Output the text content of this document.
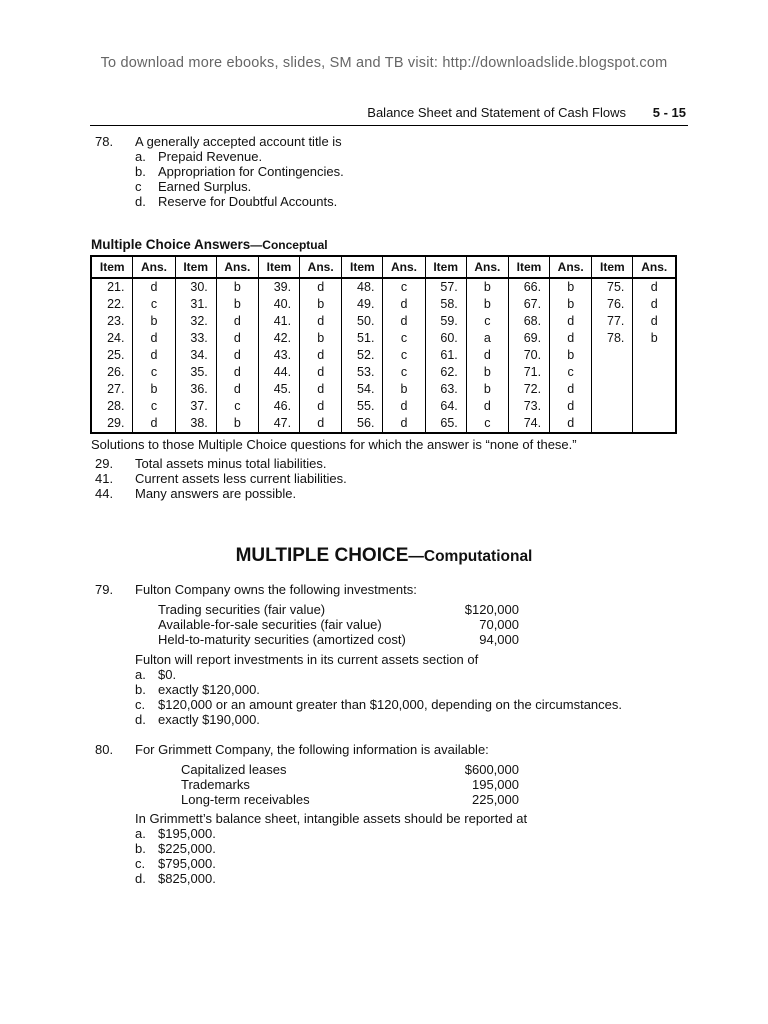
To download more ebooks, slides, SM and TB visit: http://downloadslide.blogspot.com
Balance Sheet and Statement of Cash Flows 5 - 15
78.	A generally accepted account title is
a. Prepaid Revenue.
b. Appropriation for Contingencies.
c Earned Surplus.
d. Reserve for Doubtful Accounts.
Multiple Choice Answers—Conceptual
Item	Ans.	Item	Ans.	Item	Ans.	Item	Ans.	Item	Ans.	Item	Ans.	Item	Ans.
21.	d	30.	b	39.	d	48.	c	57.	b	66.	b	75.	d
22.	c	31.	b	40.	b	49.	d	58.	b	67.	b	76.	d
23.	b	32.	d	41.	d	50.	d	59.	c	68.	d	77.	d
24.	d	33.	d	42.	b	51.	c	60.	a	69.	d	78.	b
25.	d	34.	d	43.	d	52.	c	61.	d	70.	b		
26.	c	35.	d	44.	d	53.	c	62.	b	71.	c		
27.	b	36.	d	45.	d	54.	b	63.	b	72.	d		
28.	c	37.	c	46.	d	55.	d	64.	d	73.	d		
29.	d	38.	b	47.	d	56.	d	65.	c	74.	d		
Solutions to those Multiple Choice questions for which the answer is “none of these.”
29.	Total assets minus total liabilities.
41.	Current assets less current liabilities.
44.	Many answers are possible.
MULTIPLE CHOICE—Computational
79.	Fulton Company owns the following investments:
Trading securities (fair value)	$120,000
Available-for-sale securities (fair value)	70,000
Held-to-maturity securities (amortized cost)	94,000
Fulton will report investments in its current assets section of
a. $0.
b. exactly $120,000.
c. $120,000 or an amount greater than $120,000, depending on the circumstances.
d. exactly $190,000.
80.	For Grimmett Company, the following information is available:
Capitalized leases	$600,000
Trademarks	195,000
Long-term receivables	225,000
In Grimmett’s balance sheet, intangible assets should be reported at
a. $195,000.
b. $225,000.
c. $795,000.
d. $825,000.
